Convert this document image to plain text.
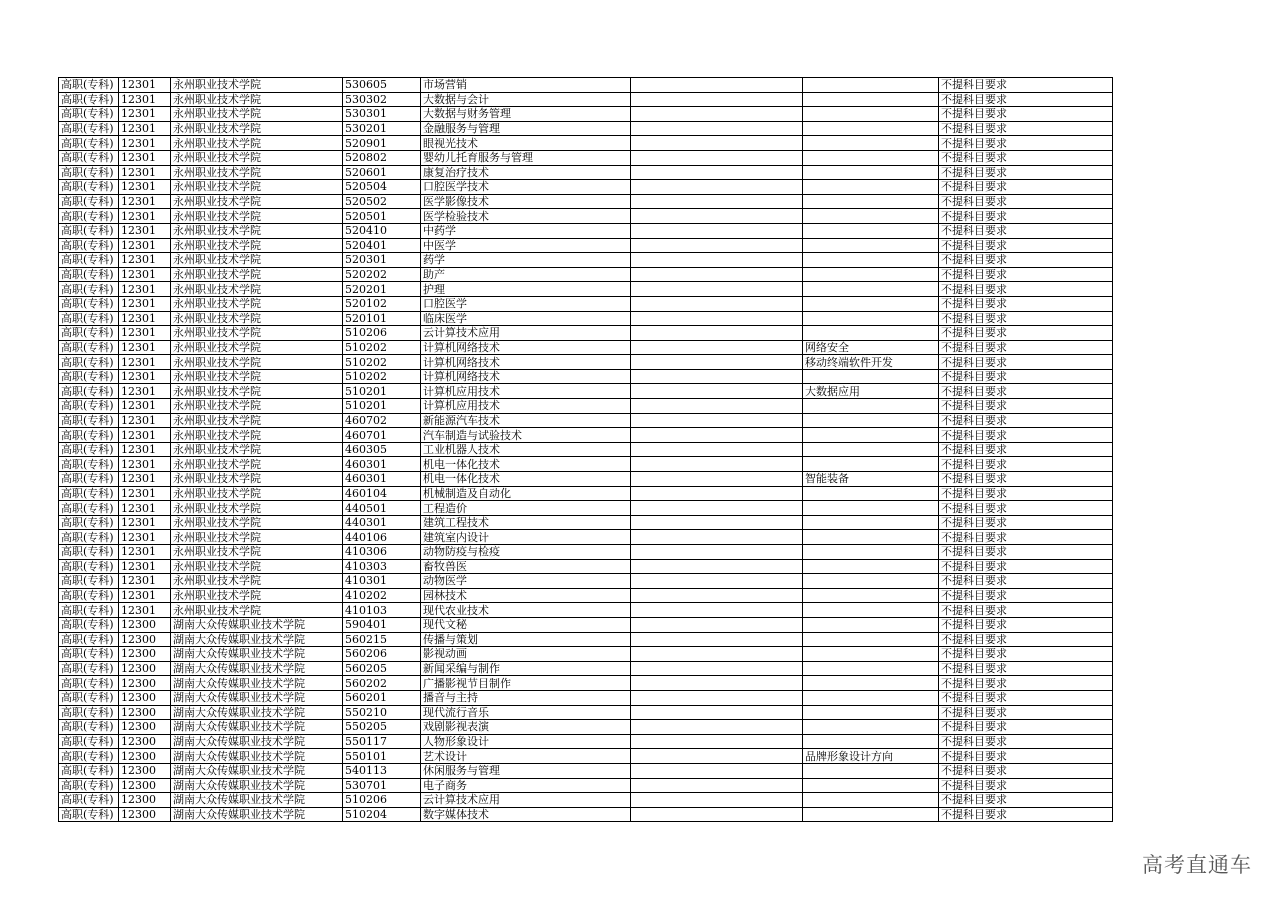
高职(专科)	12301	永州职业技术学院	530605	市场营销			不提科目要求
高职(专科)	12301	永州职业技术学院	530302	大数据与会计			不提科目要求
高职(专科)	12301	永州职业技术学院	530301	大数据与财务管理			不提科目要求
高职(专科)	12301	永州职业技术学院	530201	金融服务与管理			不提科目要求
高职(专科)	12301	永州职业技术学院	520901	眼视光技术			不提科目要求
高职(专科)	12301	永州职业技术学院	520802	婴幼儿托育服务与管理			不提科目要求
高职(专科)	12301	永州职业技术学院	520601	康复治疗技术			不提科目要求
高职(专科)	12301	永州职业技术学院	520504	口腔医学技术			不提科目要求
高职(专科)	12301	永州职业技术学院	520502	医学影像技术			不提科目要求
高职(专科)	12301	永州职业技术学院	520501	医学检验技术			不提科目要求
高职(专科)	12301	永州职业技术学院	520410	中药学			不提科目要求
高职(专科)	12301	永州职业技术学院	520401	中医学			不提科目要求
高职(专科)	12301	永州职业技术学院	520301	药学			不提科目要求
高职(专科)	12301	永州职业技术学院	520202	助产			不提科目要求
高职(专科)	12301	永州职业技术学院	520201	护理			不提科目要求
高职(专科)	12301	永州职业技术学院	520102	口腔医学			不提科目要求
高职(专科)	12301	永州职业技术学院	520101	临床医学			不提科目要求
高职(专科)	12301	永州职业技术学院	510206	云计算技术应用			不提科目要求
高职(专科)	12301	永州职业技术学院	510202	计算机网络技术		网络安全	不提科目要求
高职(专科)	12301	永州职业技术学院	510202	计算机网络技术		移动终端软件开发	不提科目要求
高职(专科)	12301	永州职业技术学院	510202	计算机网络技术			不提科目要求
高职(专科)	12301	永州职业技术学院	510201	计算机应用技术		大数据应用	不提科目要求
高职(专科)	12301	永州职业技术学院	510201	计算机应用技术			不提科目要求
高职(专科)	12301	永州职业技术学院	460702	新能源汽车技术			不提科目要求
高职(专科)	12301	永州职业技术学院	460701	汽车制造与试验技术			不提科目要求
高职(专科)	12301	永州职业技术学院	460305	工业机器人技术			不提科目要求
高职(专科)	12301	永州职业技术学院	460301	机电一体化技术			不提科目要求
高职(专科)	12301	永州职业技术学院	460301	机电一体化技术		智能装备	不提科目要求
高职(专科)	12301	永州职业技术学院	460104	机械制造及自动化			不提科目要求
高职(专科)	12301	永州职业技术学院	440501	工程造价			不提科目要求
高职(专科)	12301	永州职业技术学院	440301	建筑工程技术			不提科目要求
高职(专科)	12301	永州职业技术学院	440106	建筑室内设计			不提科目要求
高职(专科)	12301	永州职业技术学院	410306	动物防疫与检疫			不提科目要求
高职(专科)	12301	永州职业技术学院	410303	畜牧兽医			不提科目要求
高职(专科)	12301	永州职业技术学院	410301	动物医学			不提科目要求
高职(专科)	12301	永州职业技术学院	410202	园林技术			不提科目要求
高职(专科)	12301	永州职业技术学院	410103	现代农业技术			不提科目要求
高职(专科)	12300	湖南大众传媒职业技术学院	590401	现代文秘			不提科目要求
高职(专科)	12300	湖南大众传媒职业技术学院	560215	传播与策划			不提科目要求
高职(专科)	12300	湖南大众传媒职业技术学院	560206	影视动画			不提科目要求
高职(专科)	12300	湖南大众传媒职业技术学院	560205	新闻采编与制作			不提科目要求
高职(专科)	12300	湖南大众传媒职业技术学院	560202	广播影视节目制作			不提科目要求
高职(专科)	12300	湖南大众传媒职业技术学院	560201	播音与主持			不提科目要求
高职(专科)	12300	湖南大众传媒职业技术学院	550210	现代流行音乐			不提科目要求
高职(专科)	12300	湖南大众传媒职业技术学院	550205	戏剧影视表演			不提科目要求
高职(专科)	12300	湖南大众传媒职业技术学院	550117	人物形象设计			不提科目要求
高职(专科)	12300	湖南大众传媒职业技术学院	550101	艺术设计		品牌形象设计方向	不提科目要求
高职(专科)	12300	湖南大众传媒职业技术学院	540113	休闲服务与管理			不提科目要求
高职(专科)	12300	湖南大众传媒职业技术学院	530701	电子商务			不提科目要求
高职(专科)	12300	湖南大众传媒职业技术学院	510206	云计算技术应用			不提科目要求
高职(专科)	12300	湖南大众传媒职业技术学院	510204	数字媒体技术			不提科目要求
高考直通车
